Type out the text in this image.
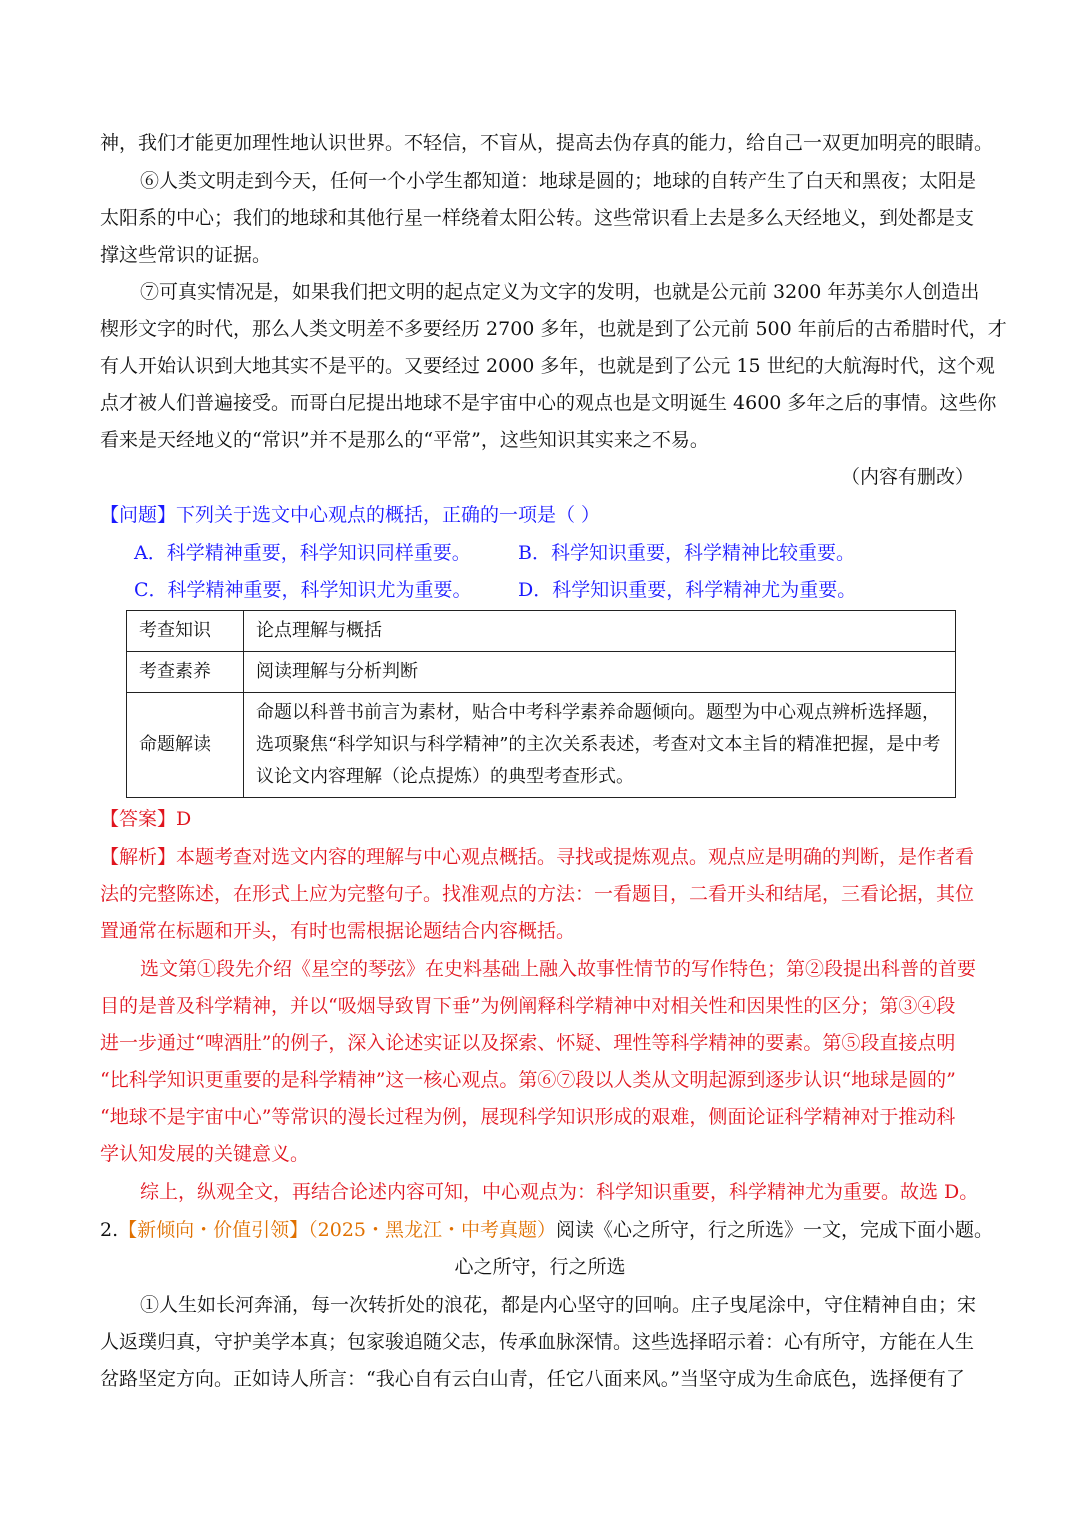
神，我们才能更加理性地认识世界。不轻信，不盲从，提高去伪存真的能力，给自己一双更加明亮的眼睛。
⑥人类文明走到今天，任何一个小学生都知道：地球是圆的；地球的自转产生了白天和黑夜；太阳是
太阳系的中心；我们的地球和其他行星一样绕着太阳公转。这些常识看上去是多么天经地义，到处都是支
撑这些常识的证据。
⑦可真实情况是，如果我们把文明的起点定义为文字的发明，也就是公元前 3200 年苏美尔人创造出
楔形文字的时代，那么人类文明差不多要经历 2700 多年，也就是到了公元前 500 年前后的古希腊时代，才
有人开始认识到大地其实不是平的。又要经过 2000 多年，也就是到了公元 15 世纪的大航海时代，这个观
点才被人们普遍接受。而哥白尼提出地球不是宇宙中心的观点也是文明诞生 4600 多年之后的事情。这些你
看来是天经地义的“常识”并不是那么的“平常”，这些知识其实来之不易。
（内容有删改）
【问题】下列关于选文中心观点的概括，正确的一项是（ ）
A．科学精神重要，科学知识同样重要。	B．科学知识重要，科学精神比较重要。
C．科学精神重要，科学知识尤为重要。	D．科学知识重要，科学精神尤为重要。
考查知识	论点理解与概括
考查素养	阅读理解与分析判断
命题解读	命题以科普书前言为素材，贴合中考科学素养命题倾向。题型为中心观点辨析选择题，选项聚焦“科学知识与科学精神”的主次关系表述，考查对文本主旨的精准把握，是中考议论文内容理解（论点提炼）的典型考查形式。
【答案】D
【解析】本题考查对选文内容的理解与中心观点概括。寻找或提炼观点。观点应是明确的判断，是作者看
法的完整陈述，在形式上应为完整句子。找准观点的方法：一看题目，二看开头和结尾，三看论据，其位
置通常在标题和开头，有时也需根据论题结合内容概括。
选文第①段先介绍《星空的琴弦》在史料基础上融入故事性情节的写作特色；第②段提出科普的首要
目的是普及科学精神，并以“吸烟导致胃下垂”为例阐释科学精神中对相关性和因果性的区分；第③④段
进一步通过“啤酒肚”的例子，深入论述实证以及探索、怀疑、理性等科学精神的要素。第⑤段直接点明
“比科学知识更重要的是科学精神”这一核心观点。第⑥⑦段以人类从文明起源到逐步认识“地球是圆的”
“地球不是宇宙中心”等常识的漫长过程为例，展现科学知识形成的艰难，侧面论证科学精神对于推动科
学认知发展的关键意义。
综上，纵观全文，再结合论述内容可知，中心观点为：科学知识重要，科学精神尤为重要。故选 D。
2.【新倾向・价值引领】（2025・黑龙江・中考真题）阅读《心之所守，行之所选》一文，完成下面小题。
心之所守，行之所选
①人生如长河奔涌，每一次转折处的浪花，都是内心坚守的回响。庄子曳尾涂中，守住精神自由；宋
人返璞归真，守护美学本真；包家骏追随父志，传承血脉深情。这些选择昭示着：心有所守，方能在人生
岔路坚定方向。正如诗人所言：“我心自有云白山青，任它八面来风。”当坚守成为生命底色，选择便有了
